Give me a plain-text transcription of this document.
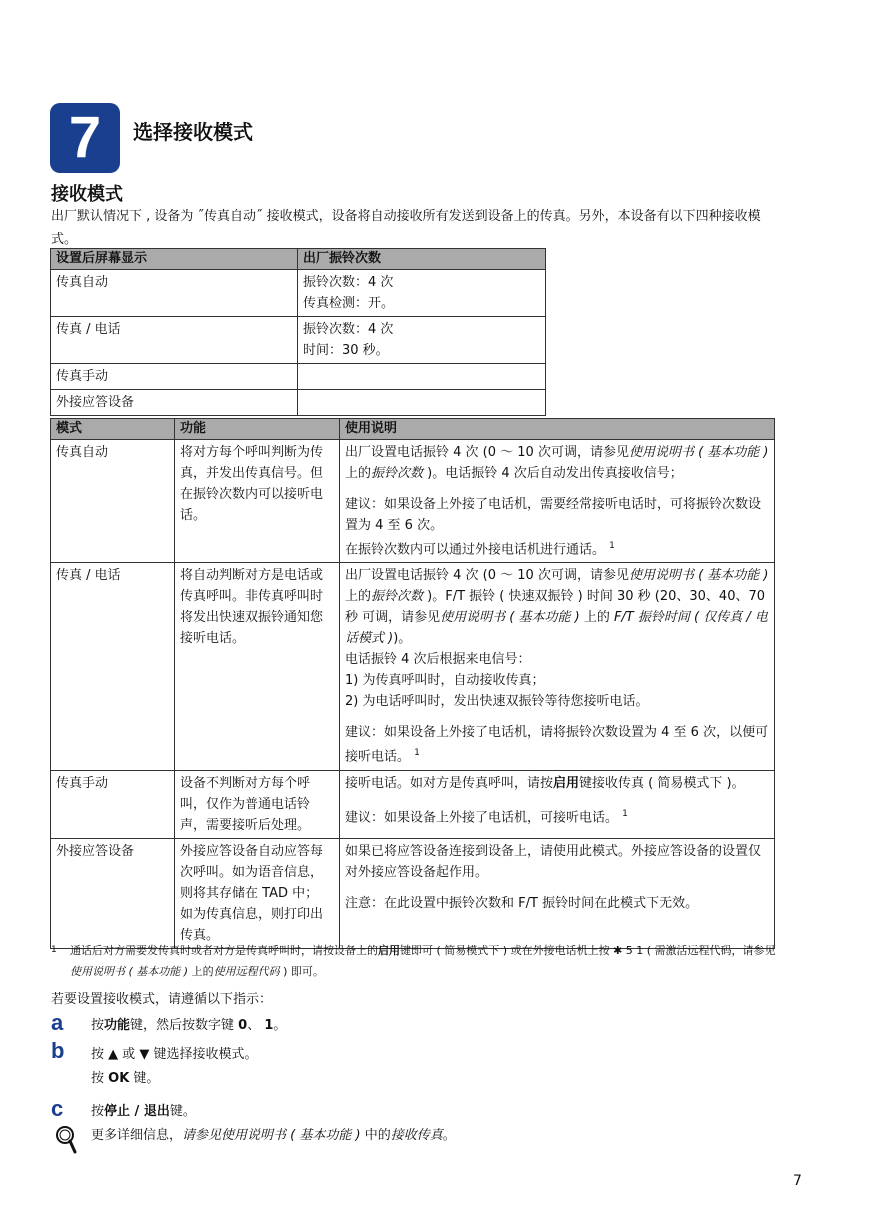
7	选择接收模式
接收模式
出厂默认情况下 , 设备为 ˝传真自动˝ 接收模式，设备将自动接收所有发送到设备上的传真。另外，本设备有以下四种接收模式。
设置后屏幕显示	出厂振铃次数
传真自动	振铃次数：4 次
传真检测：开。

传真 / 电话	振铃次数：4 次
时间：30 秒。

传真手动	
外接应答设备	
模式	功能	使用说明
传真自动	将对方每个呼叫判断为传真，并发出传真信号。但在振铃次数内可以接听电话。	出厂设置电话振铃 4 次 (0 ～ 10 次可调，请参见使用说明书 ( 基本功能 ) 上的振铃次数 )。电话振铃 4 次后自动发出传真接收信号；
建议：如果设备上外接了电话机，需要经常接听电话时，可将振铃次数设置为 4 至 6 次。
在振铃次数内可以通过外接电话机进行通话。 $^1$

传真 / 电话	将自动判断对方是电话或传真呼叫。非传真呼叫时将发出快速双振铃通知您接听电话。	出厂设置电话振铃 4 次 (0 ～ 10 次可调，请参见使用说明书 ( 基本功能 ) 上的振铃次数 )。F/T 振铃 ( 快速双振铃 ) 时间 30 秒 (20、30、40、70 秒 可调，请参见使用说明书 ( 基本功能 ) 上的 F/T 振铃时间 ( 仅传真 / 电话模式 ))。
电话振铃 4 次后根据来电信号：
1) 为传真呼叫时，自动接收传真；
2) 为电话呼叫时，发出快速双振铃等待您接听电话。
建议：如果设备上外接了电话机，请将振铃次数设置为 4 至 6 次，以便可接听电话。 $^1$

传真手动	设备不判断对方每个呼叫，仅作为普通电话铃声，需要接听后处理。	接听电话。如对方是传真呼叫，请按启用键接收传真 ( 简易模式下 )。
建议：如果设备上外接了电话机，可接听电话。 $^1$

外接应答设备	外接应答设备自动应答每次呼叫。如为语音信息，则将其存储在 TAD 中； 如为传真信息，则打印出传真。	如果已将应答设备连接到设备上，请使用此模式。外接应答设备的设置仅对外接应答设备起作用。
注意：在此设置中振铃次数和 F/T 振铃时间在此模式下无效。
1 通话后对方需要发传真时或者对方是传真呼叫时，请按设备上的启用键即可 ( 简易模式下 ) 或在外接电话机上按 ✱ 5 1 ( 需激活远程代码，请参见使用说明书 ( 基本功能 ) 上的使用远程代码 ) 即可。
若要设置接收模式，请遵循以下指示：
a 按功能键，然后按数字键 0、 1。
b 按 ▲ 或 ▼ 键选择接收模式。
按 OK 键。
c 按停止 / 退出键。
更多详细信息，请参见使用说明书 ( 基本功能 ) 中的接收传真。
7
